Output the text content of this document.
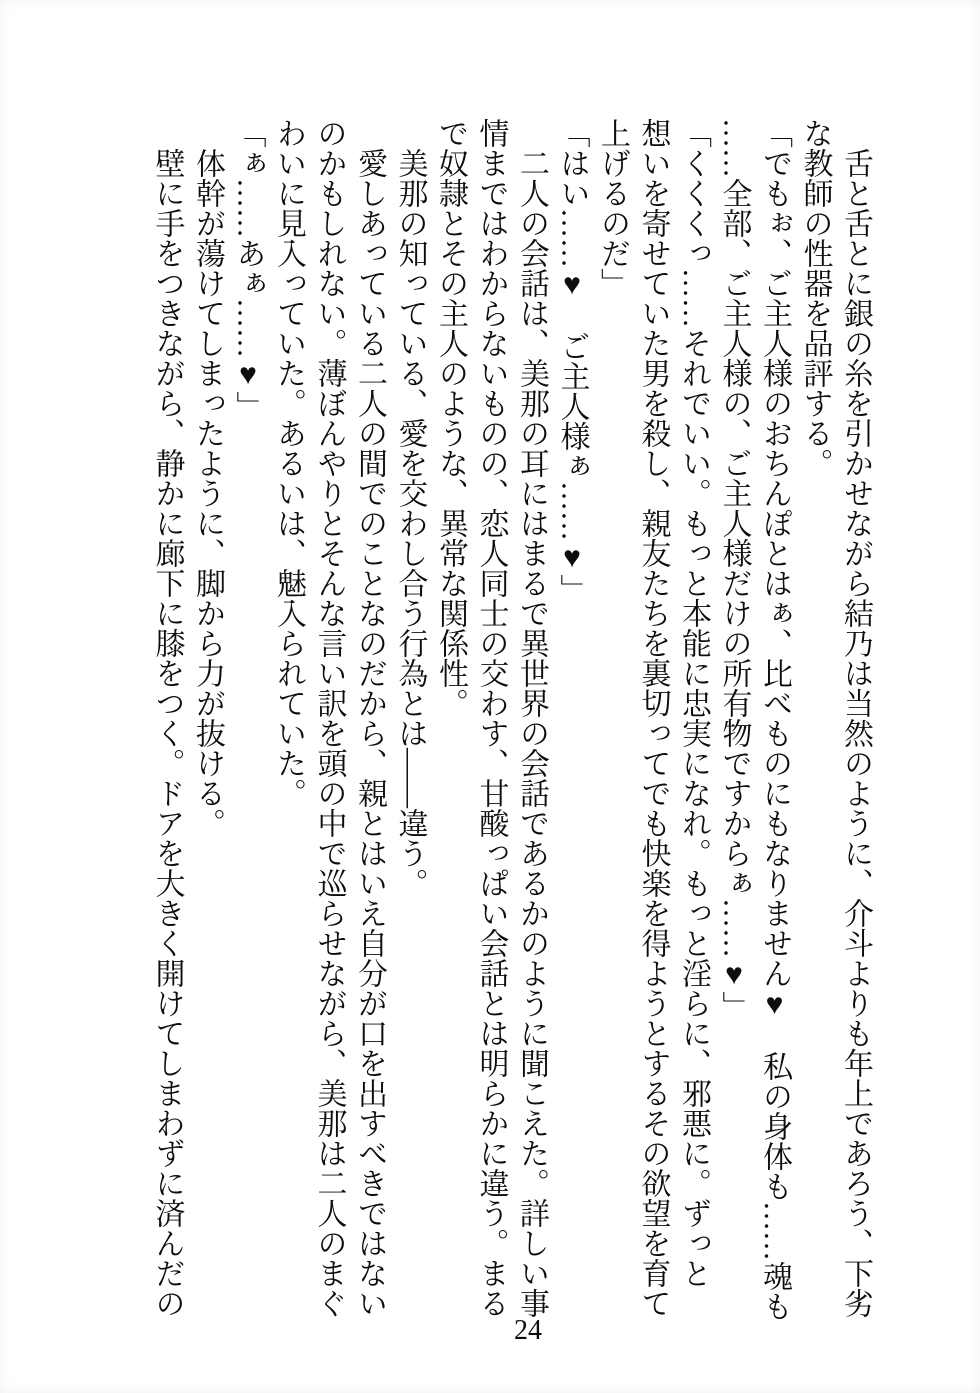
舌と舌とに銀の糸を引かせながら結乃は当然のように、介斗よりも年上であろう、下劣
な教師の性器を品評する。
「でもぉ、ご主人様のおちんぽとはぁ、比べものにもなりません♥　私の身体も……魂も
……全部、ご主人様の、ご主人様だけの所有物ですからぁ……♥」
「くくくっ……それでいい。もっと本能に忠実になれ。もっと淫らに、邪悪に。ずっと
想いを寄せていた男を殺し、親友たちを裏切ってでも快楽を得ようとするその欲望を育て
上げるのだ」
「はい……♥　ご主人様ぁ……♥」
二人の会話は、美那の耳にはまるで異世界の会話であるかのように聞こえた。詳しい事
情まではわからないものの、恋人同士の交わす、甘酸っぱい会話とは明らかに違う。まる
で奴隷とその主人のような、異常な関係性。
美那の知っている、愛を交わし合う行為とは――違う。
愛しあっている二人の間でのことなのだから、親とはいえ自分が口を出すべきではない
のかもしれない。薄ぼんやりとそんな言い訳を頭の中で巡らせながら、美那は二人のまぐ
わいに見入っていた。あるいは、魅入られていた。
「ぁ……あぁ……♥」
体幹が蕩けてしまったように、脚から力が抜ける。
壁に手をつきながら、静かに廊下に膝をつく。ドアを大きく開けてしまわずに済んだの
24
